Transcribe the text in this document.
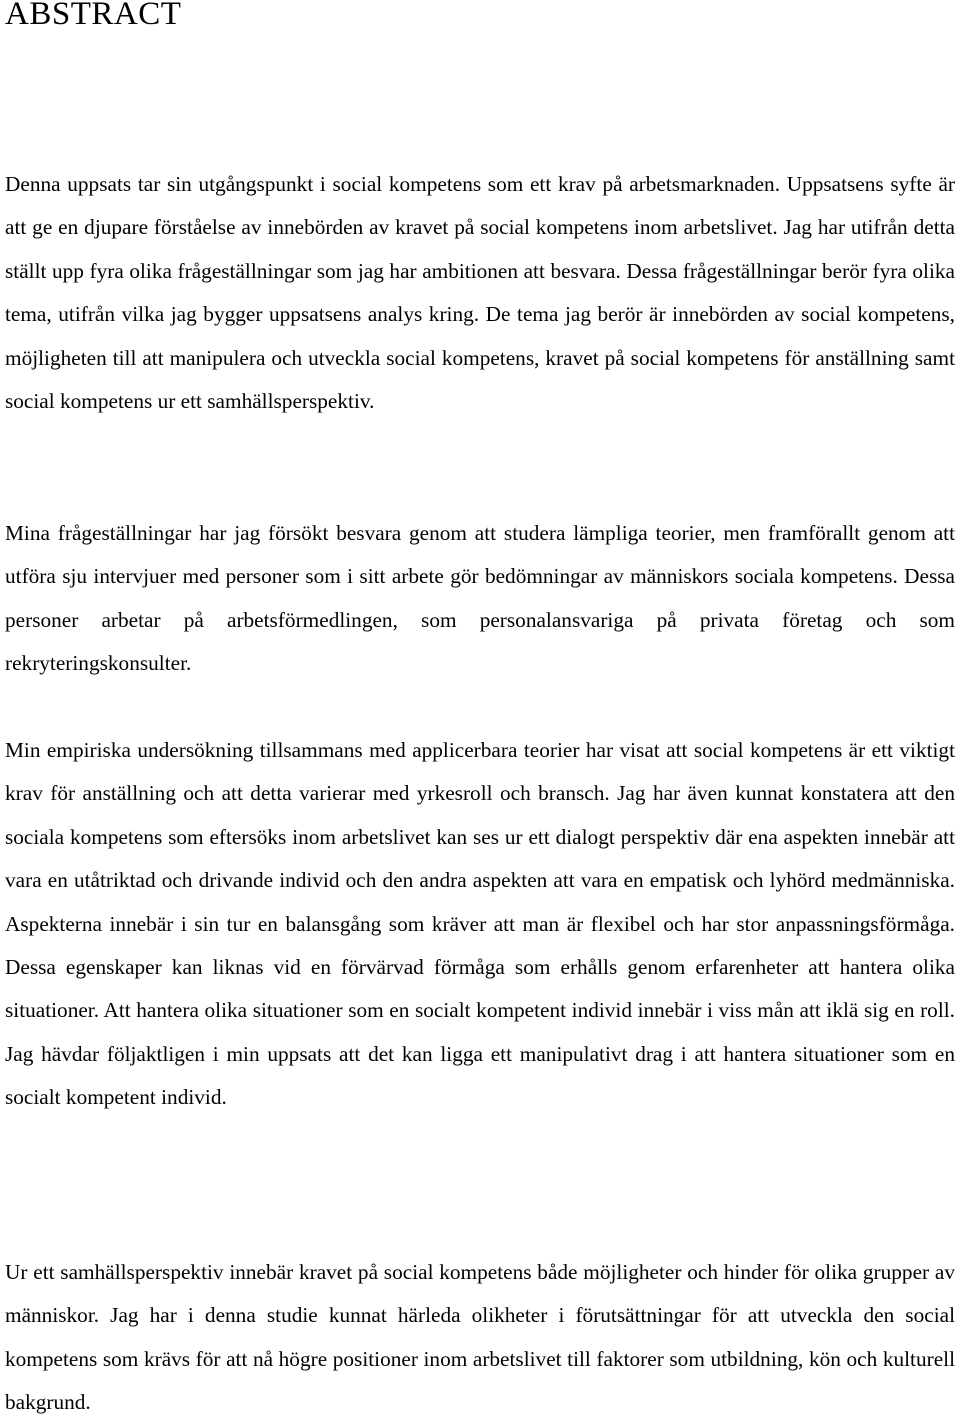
ABSTRACT

Denna uppsats tar sin utgångspunkt i social kompetens som ett krav på arbetsmarknaden. Uppsatsens syfte är att ge en djupare förståelse av innebörden av kravet på social kompetens inom arbetslivet. Jag har utifrån detta ställt upp fyra olika frågeställningar som jag har ambitionen att besvara. Dessa frågeställningar berör fyra olika tema, utifrån vilka jag bygger uppsatsens analys kring. De tema jag berör är innebörden av social kompetens, möjligheten till att manipulera och utveckla social kompetens, kravet på social kompetens för anställning samt social kompetens ur ett samhällsperspektiv.

Mina frågeställningar har jag försökt besvara genom att studera lämpliga teorier, men framförallt genom att utföra sju intervjuer med personer som i sitt arbete gör bedömningar av människors sociala kompetens. Dessa personer arbetar på arbetsförmedlingen, som personalansvariga på privata företag och som rekryteringskonsulter.

Min empiriska undersökning tillsammans med applicerbara teorier har visat att social kompetens är ett viktigt krav för anställning och att detta varierar med yrkesroll och bransch. Jag har även kunnat konstatera att den sociala kompetens som eftersöks inom arbetslivet kan ses ur ett dialogt perspektiv där ena aspekten innebär att vara en utåtriktad och drivande individ och den andra aspekten att vara en empatisk och lyhörd medmänniska. Aspekterna innebär i sin tur en balansgång som kräver att man är flexibel och har stor anpassningsförmåga. Dessa egenskaper kan liknas vid en förvärvad förmåga som erhålls genom erfarenheter att hantera olika situationer. Att hantera olika situationer som en socialt kompetent individ innebär i viss mån att iklä sig en roll. Jag hävdar följaktligen i min uppsats att det kan ligga ett manipulativt drag i att hantera situationer som en socialt kompetent individ.

Ur ett samhällsperspektiv innebär kravet på social kompetens både möjligheter och hinder för olika grupper av människor. Jag har i denna studie kunnat härleda olikheter i förutsättningar för att utveckla den social kompetens som krävs för att nå högre positioner inom arbetslivet till faktorer som utbildning, kön och kulturell bakgrund.
